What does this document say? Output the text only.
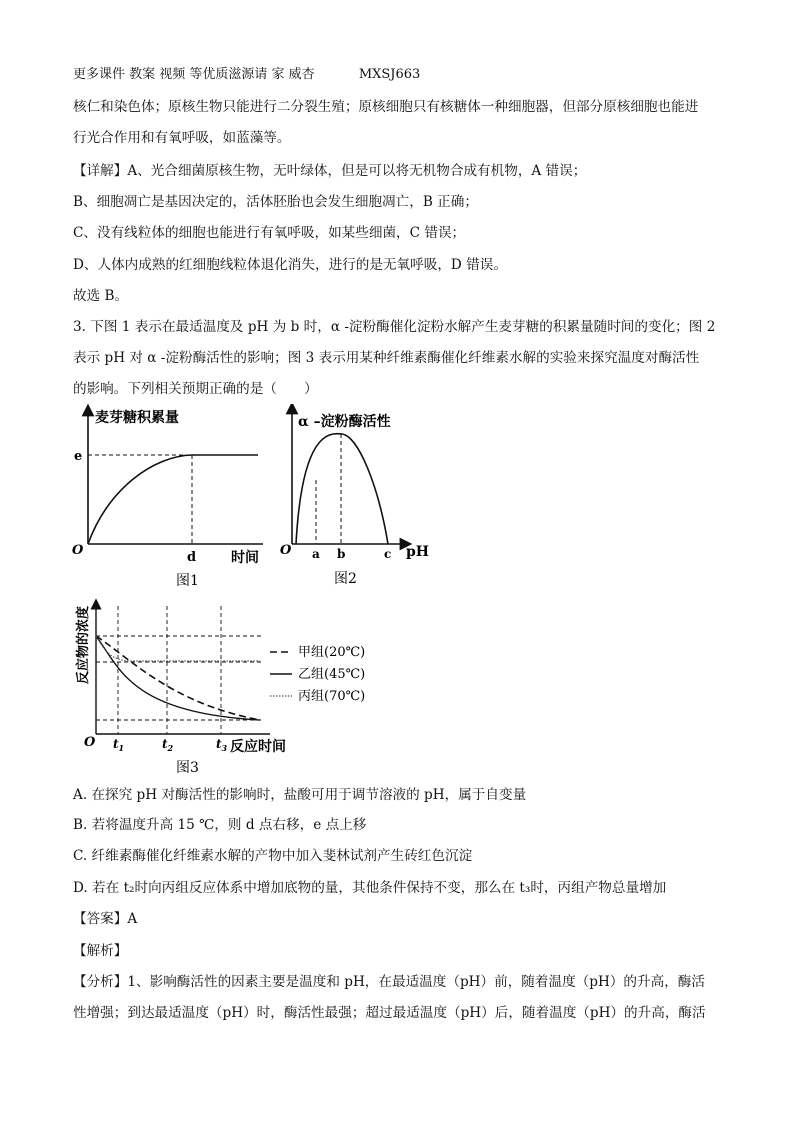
更多课件 教案 视频 等优质滋源请 家 威杏	MXSJ663
核仁和染色体；原核生物只能进行二分裂生殖；原核细胞只有核糖体一种细胞器，但部分原核细胞也能进
行光合作用和有氧呼吸，如蓝藻等。
【详解】A、光合细菌原核生物，无叶绿体，但是可以将无机物合成有机物，A 错误；
B、细胞凋亡是基因决定的，活体胚胎也会发生细胞凋亡，B 正确；
C、没有线粒体的细胞也能进行有氧呼吸，如某些细菌，C 错误；
D、人体内成熟的红细胞线粒体退化消失，进行的是无氧呼吸，D 错误。
故选 B。
3. 下图 1 表示在最适温度及 pH 为 b 时，α -淀粉酶催化淀粉水解产生麦芽糖的积累量随时间的变化；图 2
表示 pH 对 α -淀粉酶活性的影响；图 3 表示用某种纤维素酶催化纤维素水解的实验来探究温度对酶活性
的影响。下列相关预期正确的是（　　）
麦芽糖积累量
e
O	d 时间
图1
α –淀粉酶活性
O a b	c pH
图2
反应物的浓度
O $t_1$	$t_2$	$t_3$ 反应时间
甲组(20℃)
乙组(45℃)
丙组(70℃)
图3
A. 在探究 pH 对酶活性的影响时，盐酸可用于调节溶液的 pH，属于自变量
B. 若将温度升高 15 ℃，则 d 点右移，e 点上移
C. 纤维素酶催化纤维素水解的产物中加入斐林试剂产生砖红色沉淀
D. 若在 t₂时向丙组反应体系中增加底物的量，其他条件保持不变，那么在 t₃时，丙组产物总量增加
【答案】A
【解析】
【分析】1、影响酶活性的因素主要是温度和 pH，在最适温度（pH）前，随着温度（pH）的升高，酶活
性增强；到达最适温度（pH）时，酶活性最强；超过最适温度（pH）后，随着温度（pH）的升高，酶活
